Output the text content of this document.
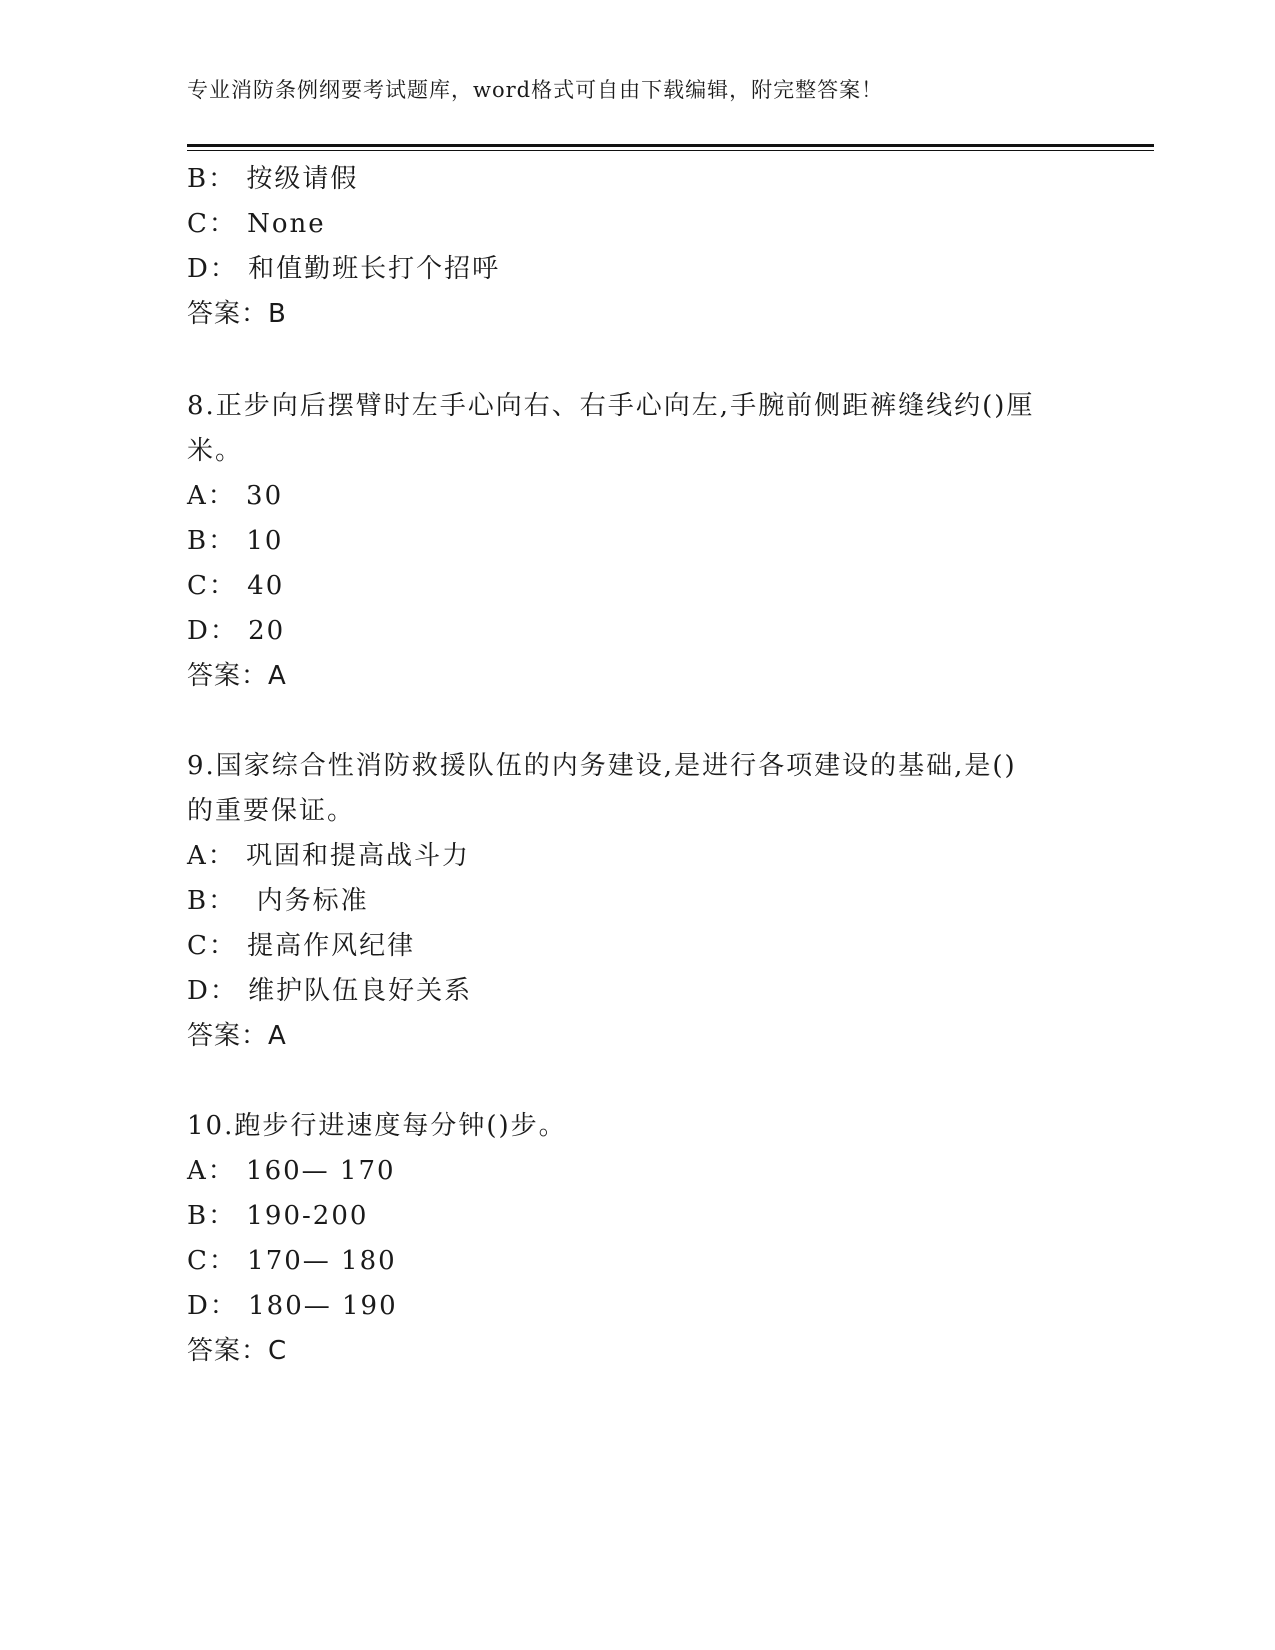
专业消防条例纲要考试题库，word格式可自由下载编辑，附完整答案！
B： 按级请假
C： None
D： 和值勤班长打个招呼
答案：B
8.正步向后摆臂时左手心向右、右手心向左,手腕前侧距裤缝线约()厘
米。
A： 30
B： 10
C： 40
D： 20
答案：A
9.国家综合性消防救援队伍的内务建设,是进行各项建设的基础,是()
的重要保证。
A： 巩固和提高战斗力
B：  内务标准
C： 提高作风纪律
D： 维护队伍良好关系
答案：A
10.跑步行进速度每分钟()步。
A： 160— 170
B： 190-200
C： 170— 180
D： 180— 190
答案：C
